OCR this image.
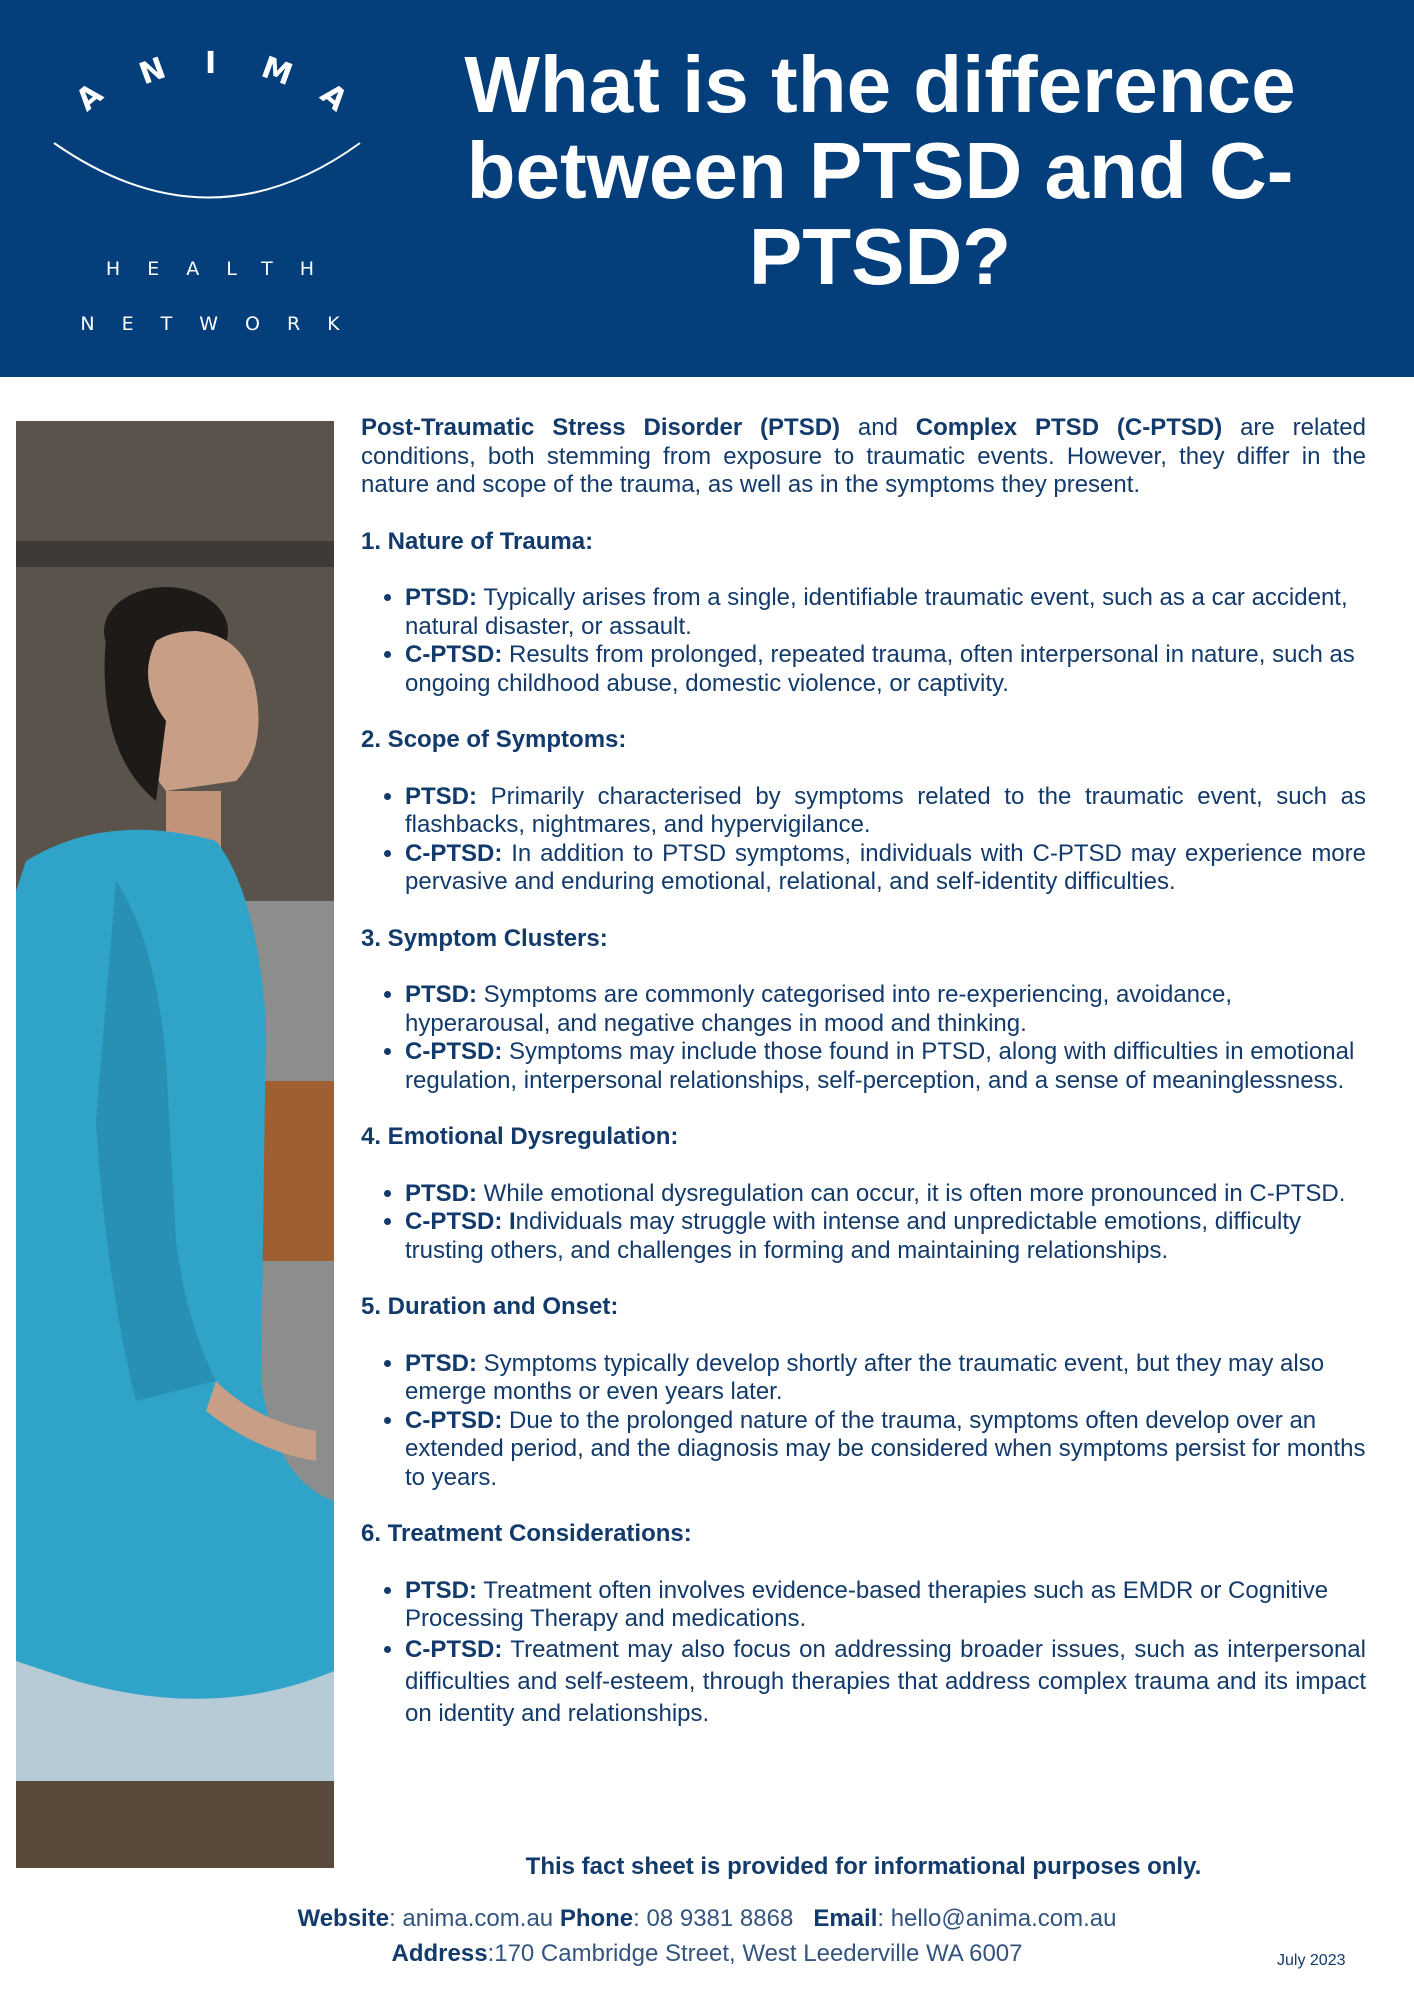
A
N I M
A
HEALTH
NETWORK
What is the difference between PTSD and C-PTSD?

Post-Traumatic Stress Disorder (PTSD) and Complex PTSD (C-PTSD) are related conditions, both stemming from exposure to traumatic events. However, they differ in the nature and scope of the trauma, as well as in the symptoms they present.

1. Nature of Trauma:
• PTSD: Typically arises from a single, identifiable traumatic event, such as a car accident, natural disaster, or assault.
• C-PTSD: Results from prolonged, repeated trauma, often interpersonal in nature, such as ongoing childhood abuse, domestic violence, or captivity.
2. Scope of Symptoms:
• PTSD: Primarily characterised by symptoms related to the traumatic event, such as flashbacks, nightmares, and hypervigilance.
• C-PTSD: In addition to PTSD symptoms, individuals with C-PTSD may experience more pervasive and enduring emotional, relational, and self-identity difficulties.
3. Symptom Clusters:
• PTSD: Symptoms are commonly categorised into re-experiencing, avoidance, hyperarousal, and negative changes in mood and thinking.
• C-PTSD: Symptoms may include those found in PTSD, along with difficulties in emotional regulation, interpersonal relationships, self-perception, and a sense of meaninglessness.
4. Emotional Dysregulation:
• PTSD: While emotional dysregulation can occur, it is often more pronounced in C-PTSD.
• C-PTSD: Individuals may struggle with intense and unpredictable emotions, difficulty trusting others, and challenges in forming and maintaining relationships.
5. Duration and Onset:
• PTSD: Symptoms typically develop shortly after the traumatic event, but they may also emerge months or even years later.
• C-PTSD: Due to the prolonged nature of the trauma, symptoms often develop over an extended period, and the diagnosis may be considered when symptoms persist for months to years.
6. Treatment Considerations:
• PTSD: Treatment often involves evidence-based therapies such as EMDR or Cognitive Processing Therapy and medications.
• C-PTSD: Treatment may also focus on addressing broader issues, such as interpersonal difficulties and self-esteem, through therapies that address complex trauma and its impact on identity and relationships.
This fact sheet is provided for informational purposes only.
Website: anima.com.au Phone: 08 9381 8868 Email: hello@anima.com.au
Address:170 Cambridge Street, West Leederville WA 6007	July 2023
